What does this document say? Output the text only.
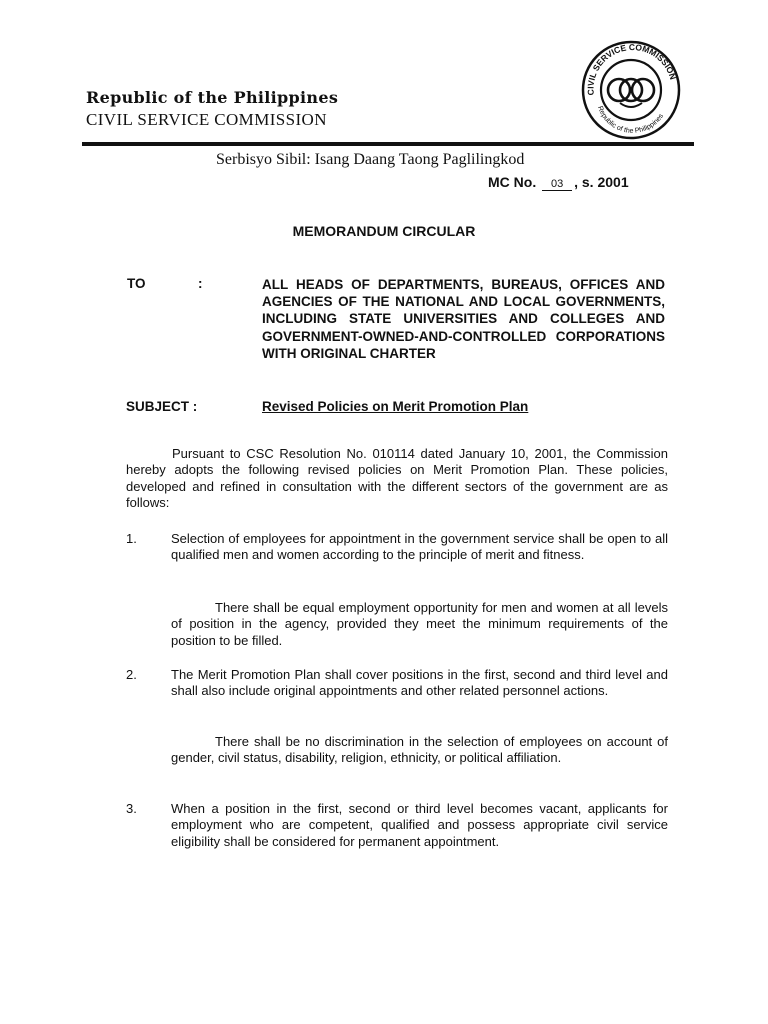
Republic of the Philippines
CIVIL SERVICE COMMISSION
CIVIL SERVICE COMMISSION
Republic of the Philippines
Serbisyo Sibil: Isang Daang Taong Paglilingkod
MC No. 03 , s. 2001
MEMORANDUM CIRCULAR
TO	:	ALL HEADS OF DEPARTMENTS, BUREAUS, OFFICES AND AGENCIES OF THE NATIONAL AND LOCAL GOVERNMENTS, INCLUDING STATE UNIVERSITIES AND COLLEGES AND GOVERNMENT-OWNED-AND-CONTROLLED CORPORATIONS WITH ORIGINAL CHARTER
SUBJECT :	Revised Policies on Merit Promotion Plan
Pursuant to CSC Resolution No. 010114 dated January 10, 2001, the Commission hereby adopts the following revised policies on Merit Promotion Plan. These policies, developed and refined in consultation with the different sectors of the government are as follows:
1.	Selection of employees for appointment in the government service shall be open to all qualified men and women according to the principle of merit and fitness.
There shall be equal employment opportunity for men and women at all levels of position in the agency, provided they meet the minimum requirements of the position to be filled.
2.	The Merit Promotion Plan shall cover positions in the first, second and third level and shall also include original appointments and other related personnel actions.
There shall be no discrimination in the selection of employees on account of gender, civil status, disability, religion, ethnicity, or political affiliation.
3.	When a position in the first, second or third level becomes vacant, applicants for employment who are competent, qualified and possess appropriate civil service eligibility shall be considered for permanent appointment.
